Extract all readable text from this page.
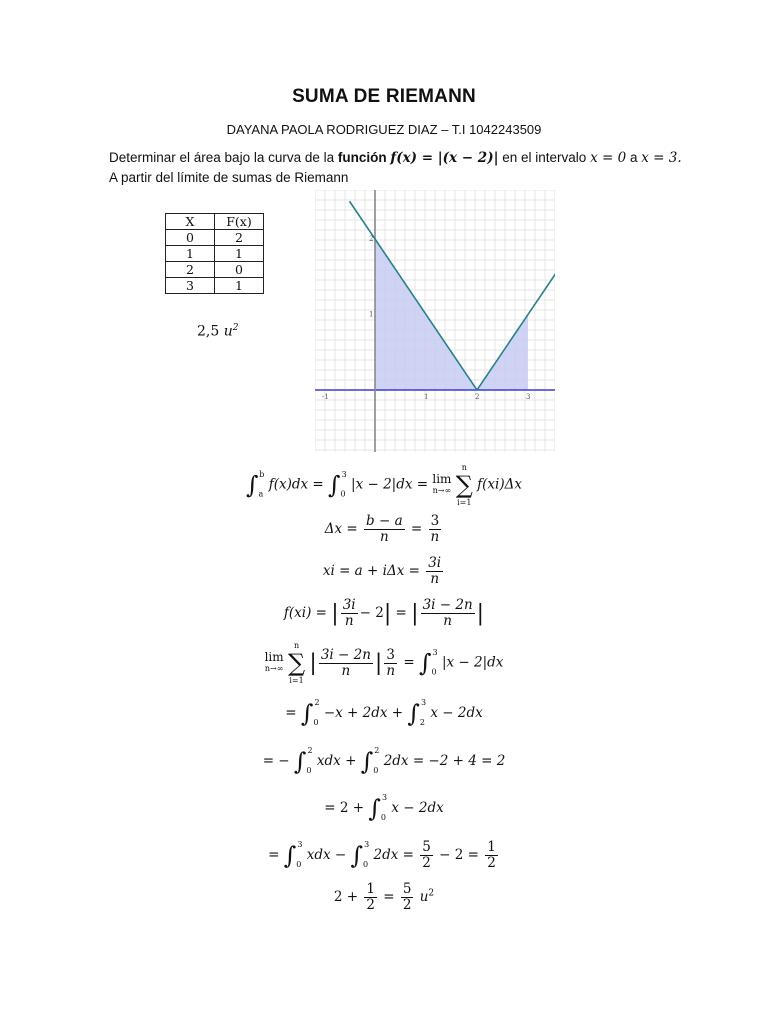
SUMA DE RIEMANN
DAYANA PAOLA RODRIGUEZ DIAZ – T.I 1042243509
Determinar el área bajo la curva de la función f(x) = |(x − 2)| en el intervalo x = 0 a x = 3.
A partir del límite de sumas de Riemann
X	F(x)
0	2
1	1
2	0
3	1
2,5 $u^2$
-1	1	2	3
1
2
$\int_a^b$ $f(x)dx = \int_0^3$ |x − 2|dx = lim
n→∞

n
∑
i=1
f(xi)Δx
$\Delta x = \frac{b - a}{n} = \frac{3}{n}$
xi = $a + i\Delta x = \frac{3i}{n}$
f(xi) = | $\frac{3i}{n} - 2|$ = | $\frac{3i - 2n}{n}$ |
lim
n→∞

n
∑
i=1
| $\frac{3i - 2n}{n}$ | $\frac{3}{n} = \int_0^3$ |x − 2|dx
= $\int_0^2 -x + 2dx + \int_2^3$ x − 2dx
= − $\int_0^2$ xdx + $\int_0^2$ 2dx = −2 + 4 = 2
= $2 + \int_0^3$ x − 2dx
= $\int_0^3$ xdx − $\int_0^3$ $2dx = \frac{5}{2} - 2 = \frac{1}{2}$
$2 + \frac{1}{2} = \frac{5}{2} u^2$
